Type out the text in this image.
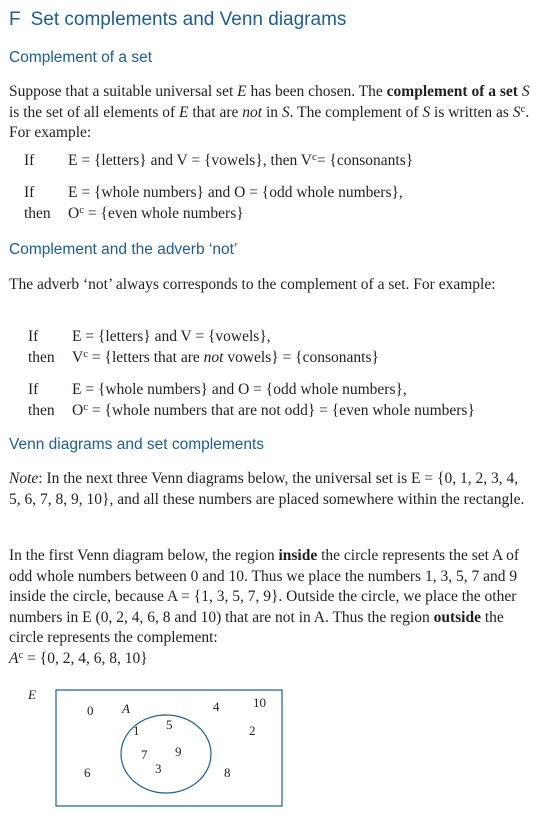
F Set complements and Venn diagrams
Complement of a set
Suppose that a suitable universal set E has been chosen. The complement of a set S is the set of all elements of E that are not in S. The complement of S is written as $S^c$. For example:
If E = {letters} and V = {vowels}, then $V^c=$ {consonants}
If E = {whole numbers} and O = {odd whole numbers},
then $O^c$ = {even whole numbers}
Complement and the adverb ‘not’
The adverb ‘not’ always corresponds to the complement of a set. For example:
If E = {letters} and V = {vowels},
then $V^c$ = {letters that are not vowels} = {consonants}
If E = {whole numbers} and O = {odd whole numbers},
then $O^c$ = {whole numbers that are not odd} = {even whole numbers}
Venn diagrams and set complements
Note: In the next three Venn diagrams below, the universal set is E = {0, 1, 2, 3, 4, 5, 6, 7, 8, 9, 10}, and all these numbers are placed somewhere within the rectangle.
In the first Venn diagram below, the region inside the circle represents the set A of odd whole numbers between 0 and 10. Thus we place the numbers 1, 3, 5, 7 and 9 inside the circle, because A = {1, 3, 5, 7, 9}. Outside the circle, we place the other numbers in E (0, 2, 4, 6, 8 and 10) that are not in A. Thus the region outside the circle represents the complement:
$A^c = \{0$, 2, 4, 6, 8, 10}
E
A
1 5
7 9
3
0	4	10
2
6	8
